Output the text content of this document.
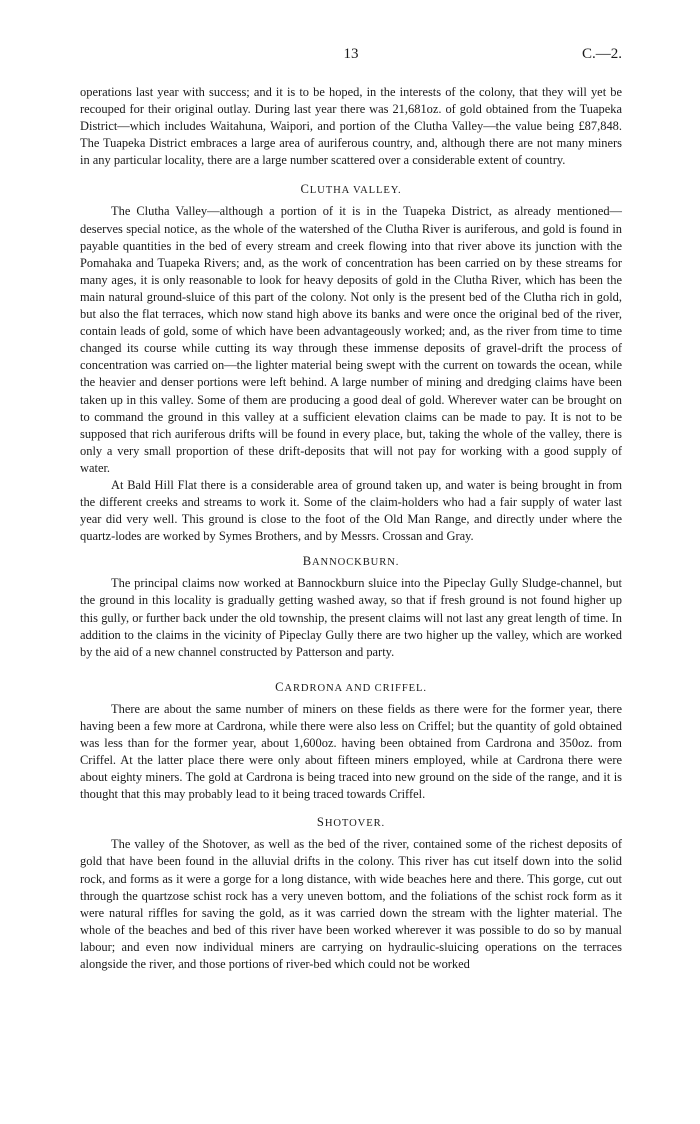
13	C.—2.

operations last year with success; and it is to be hoped, in the interests of the colony, that they will yet be recouped for their original outlay. During last year there was 21,681oz. of gold obtained from the Tuapeka District—which includes Waitahuna, Waipori, and portion of the Clutha Valley—the value being £87,848. The Tuapeka District embraces a large area of auriferous country, and, although there are not many miners in any particular locality, there are a large number scattered over a considerable extent of country.

CLUTHA VALLEY.

The Clutha Valley—although a portion of it is in the Tuapeka District, as already mentioned—deserves special notice, as the whole of the watershed of the Clutha River is auriferous, and gold is found in payable quantities in the bed of every stream and creek flowing into that river above its junction with the Pomahaka and Tuapeka Rivers; and, as the work of concentration has been carried on by these streams for many ages, it is only reasonable to look for heavy deposits of gold in the Clutha River, which has been the main natural ground-sluice of this part of the colony. Not only is the present bed of the Clutha rich in gold, but also the flat terraces, which now stand high above its banks and were once the original bed of the river, contain leads of gold, some of which have been advantageously worked; and, as the river from time to time changed its course while cutting its way through these immense deposits of gravel-drift the process of concentration was carried on—the lighter material being swept with the current on towards the ocean, while the heavier and denser portions were left behind. A large number of mining and dredging claims have been taken up in this valley. Some of them are producing a good deal of gold. Wherever water can be brought on to command the ground in this valley at a sufficient elevation claims can be made to pay. It is not to be supposed that rich auriferous drifts will be found in every place, but, taking the whole of the valley, there is only a very small proportion of these drift-deposits that will not pay for working with a good supply of water.

At Bald Hill Flat there is a considerable area of ground taken up, and water is being brought in from the different creeks and streams to work it. Some of the claim-holders who had a fair supply of water last year did very well. This ground is close to the foot of the Old Man Range, and directly under where the quartz-lodes are worked by Symes Brothers, and by Messrs. Crossan and Gray.

BANNOCKBURN.

The principal claims now worked at Bannockburn sluice into the Pipeclay Gully Sludge-channel, but the ground in this locality is gradually getting washed away, so that if fresh ground is not found higher up this gully, or further back under the old township, the present claims will not last any great length of time. In addition to the claims in the vicinity of Pipeclay Gully there are two higher up the valley, which are worked by the aid of a new channel constructed by Patterson and party.

CARDRONA AND CRIFFEL.

There are about the same number of miners on these fields as there were for the former year, there having been a few more at Cardrona, while there were also less on Criffel; but the quantity of gold obtained was less than for the former year, about 1,600oz. having been obtained from Cardrona and 350oz. from Criffel. At the latter place there were only about fifteen miners employed, while at Cardrona there were about eighty miners. The gold at Cardrona is being traced into new ground on the side of the range, and it is thought that this may probably lead to it being traced towards Criffel.

SHOTOVER.

The valley of the Shotover, as well as the bed of the river, contained some of the richest deposits of gold that have been found in the alluvial drifts in the colony. This river has cut itself down into the solid rock, and forms as it were a gorge for a long distance, with wide beaches here and there. This gorge, cut out through the quartzose schist rock has a very uneven bottom, and the foliations of the schist rock form as it were natural riffles for saving the gold, as it was carried down the stream with the lighter material. The whole of the beaches and bed of this river have been worked wherever it was possible to do so by manual labour; and even now individual miners are carrying on hydraulic-sluicing operations on the terraces alongside the river, and those portions of river-bed which could not be worked
